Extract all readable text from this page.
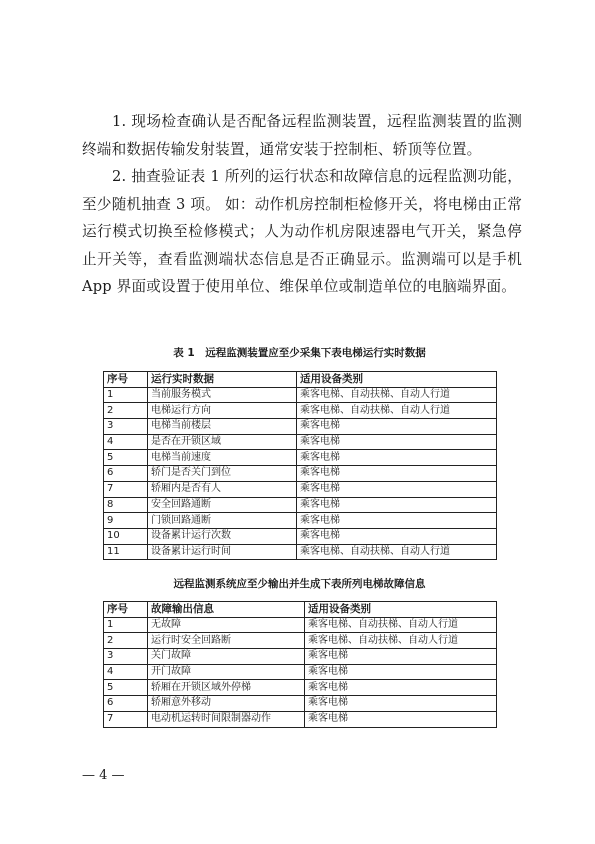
1. 现场检查确认是否配备远程监测装置，远程监测装置的监测终端和数据传输发射装置，通常安装于控制柜、轿顶等位置。

2. 抽查验证表 1 所列的运行状态和故障信息的远程监测功能，至少随机抽查 3 项。 如：动作机房控制柜检修开关，将电梯由正常运行模式切换至检修模式；人为动作机房限速器电气开关，紧急停止开关等，查看监测端状态信息是否正确显示。监测端可以是手机 App 界面或设置于使用单位、维保单位或制造单位的电脑端界面。

表 1　远程监测装置应至少采集下表电梯运行实时数据

序号	运行实时数据	适用设备类别
1	当前服务模式	乘客电梯、自动扶梯、自动人行道
2	电梯运行方向	乘客电梯、自动扶梯、自动人行道
3	电梯当前楼层	乘客电梯
4	是否在开锁区域	乘客电梯
5	电梯当前速度	乘客电梯
6	轿门是否关门到位	乘客电梯
7	轿厢内是否有人	乘客电梯
8	安全回路通断	乘客电梯
9	门锁回路通断	乘客电梯
10	设备累计运行次数	乘客电梯
11	设备累计运行时间	乘客电梯、自动扶梯、自动人行道

远程监测系统应至少输出并生成下表所列电梯故障信息

序号	故障输出信息	适用设备类别
1	无故障	乘客电梯、自动扶梯、自动人行道
2	运行时安全回路断	乘客电梯、自动扶梯、自动人行道
3	关门故障	乘客电梯
4	开门故障	乘客电梯
5	轿厢在开锁区域外停梯	乘客电梯
6	轿厢意外移动	乘客电梯
7	电动机运转时间限制器动作	乘客电梯
— 4 —
